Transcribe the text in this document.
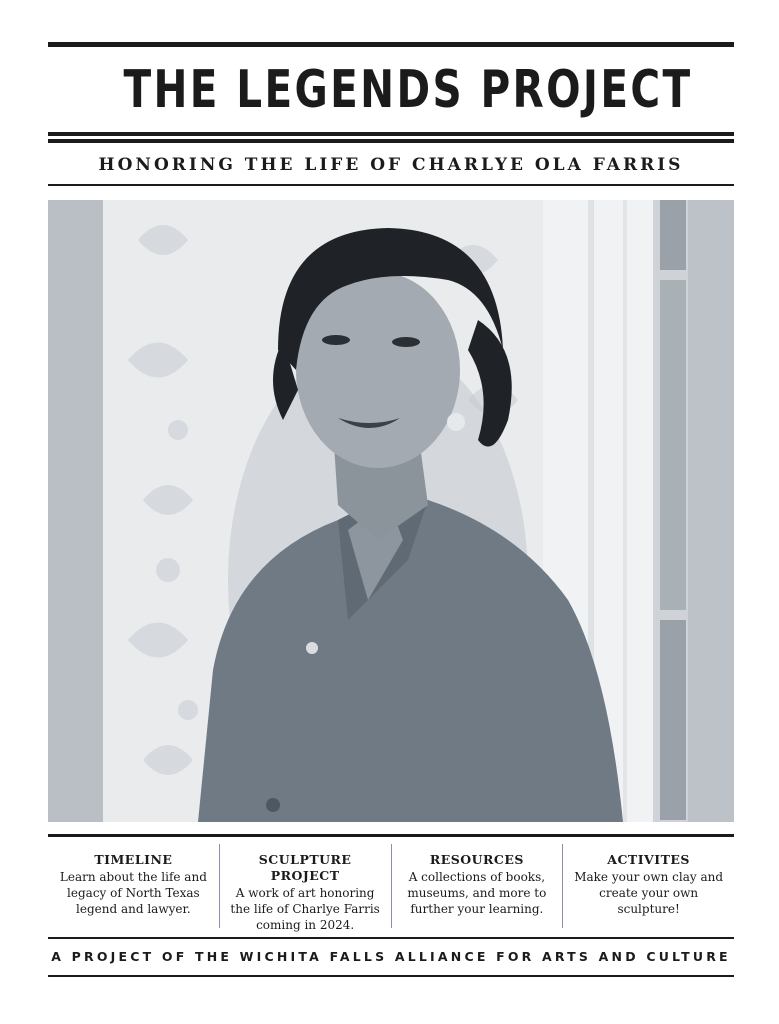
THE LEGENDS PROJECT
HONORING THE LIFE OF CHARLYE OLA FARRIS
TIMELINE

Learn about the life and legacy of North Texas legend and lawyer.

SCULPTURE PROJECT

A work of art honoring the life of Charlye Farris coming in 2024.

RESOURCES

A collections of books, museums, and more to further your learning.

ACTIVITES

Make your own clay and create your own sculpture!

A PROJECT OF THE WICHITA FALLS ALLIANCE FOR ARTS AND CULTURE
